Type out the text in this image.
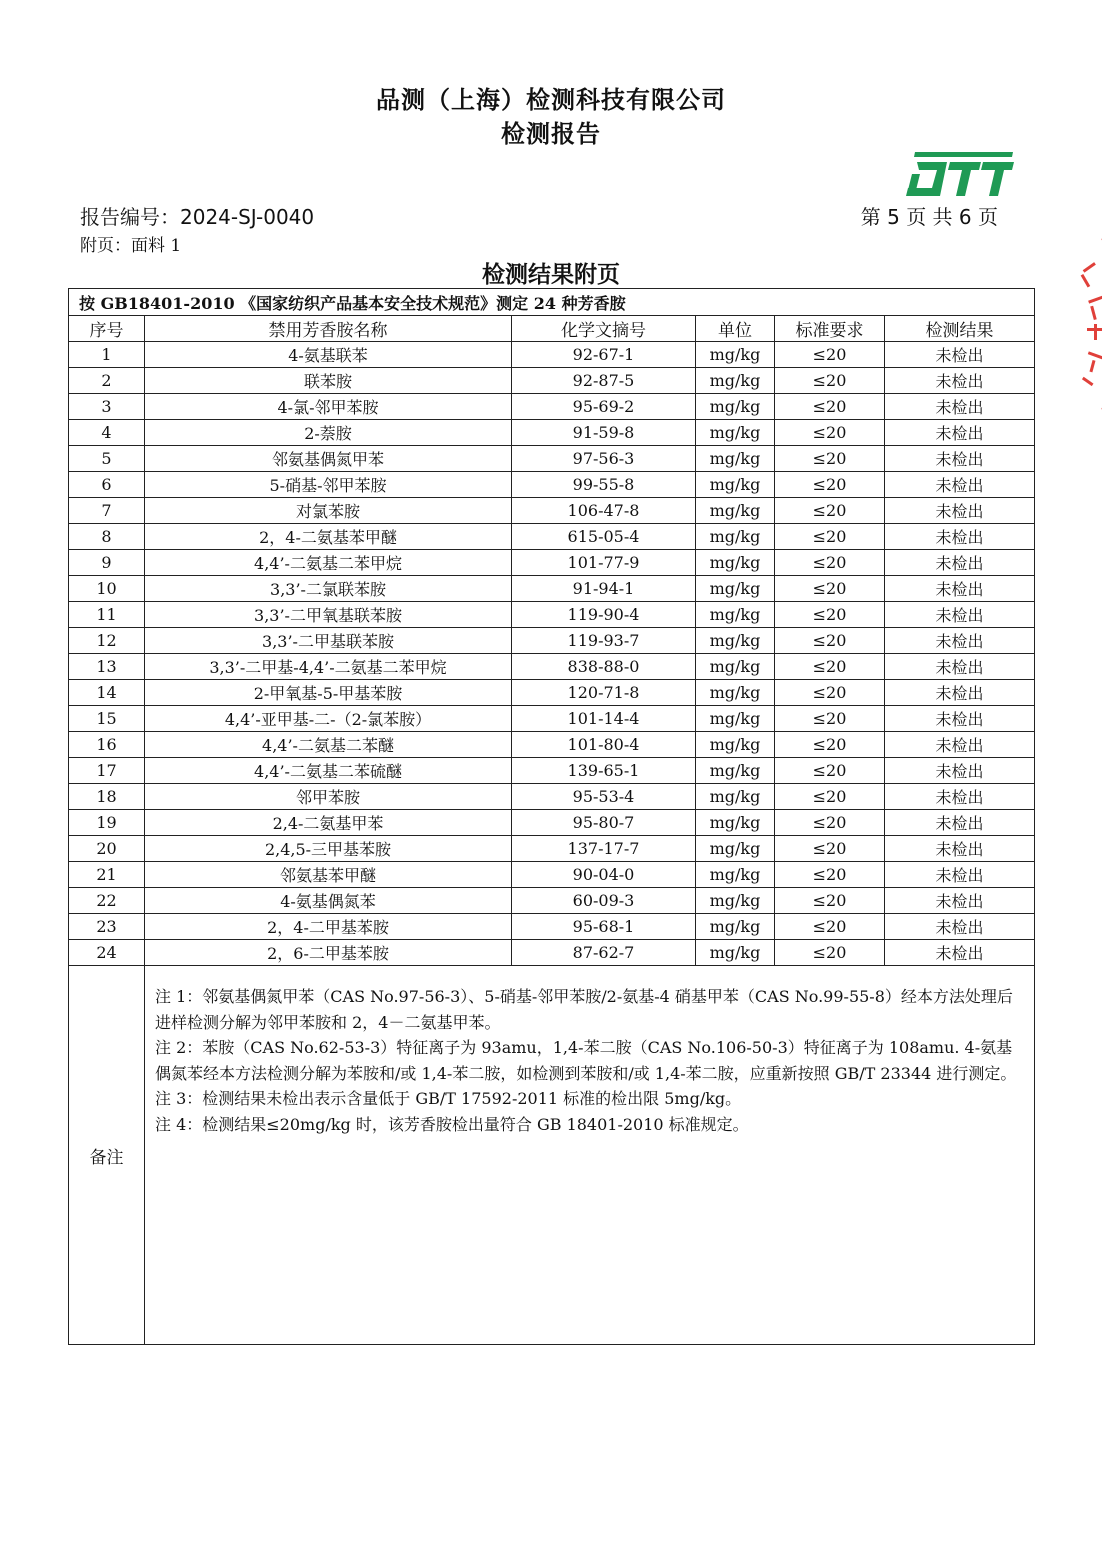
品测（上海）检测科技有限公司
检测报告
报告编号：2024-SJ-0040	第 5 页 共 6 页
附页：面料 1
检测结果附页
按 GB18401-2010 《国家纺织产品基本安全技术规范》测定 24 种芳香胺					
序号	禁用芳香胺名称	化学文摘号	单位	标准要求	检测结果
1	4-氨基联苯	92-67-1	mg/kg	≤20	未检出
2	联苯胺	92-87-5	mg/kg	≤20	未检出
3	4-氯-邻甲苯胺	95-69-2	mg/kg	≤20	未检出
4	2-萘胺	91-59-8	mg/kg	≤20	未检出
5	邻氨基偶氮甲苯	97-56-3	mg/kg	≤20	未检出
6	5-硝基-邻甲苯胺	99-55-8	mg/kg	≤20	未检出
7	对氯苯胺	106-47-8	mg/kg	≤20	未检出
8	2，4-二氨基苯甲醚	615-05-4	mg/kg	≤20	未检出
9	4,4’-二氨基二苯甲烷	101-77-9	mg/kg	≤20	未检出
10	3,3’-二氯联苯胺	91-94-1	mg/kg	≤20	未检出
11	3,3’-二甲氧基联苯胺	119-90-4	mg/kg	≤20	未检出
12	3,3’-二甲基联苯胺	119-93-7	mg/kg	≤20	未检出
13	3,3’-二甲基-4,4’-二氨基二苯甲烷	838-88-0	mg/kg	≤20	未检出
14	2-甲氧基-5-甲基苯胺	120-71-8	mg/kg	≤20	未检出
15	4,4’-亚甲基-二-（2-氯苯胺）	101-14-4	mg/kg	≤20	未检出
16	4,4’-二氨基二苯醚	101-80-4	mg/kg	≤20	未检出
17	4,4’-二氨基二苯硫醚	139-65-1	mg/kg	≤20	未检出
18	邻甲苯胺	95-53-4	mg/kg	≤20	未检出
19	2,4-二氨基甲苯	95-80-7	mg/kg	≤20	未检出
20	2,4,5-三甲基苯胺	137-17-7	mg/kg	≤20	未检出
21	邻氨基苯甲醚	90-04-0	mg/kg	≤20	未检出
22	4-氨基偶氮苯	60-09-3	mg/kg	≤20	未检出
23	2，4-二甲基苯胺	95-68-1	mg/kg	≤20	未检出
24	2，6-二甲基苯胺	87-62-7	mg/kg	≤20	未检出
备注	注 1：邻氨基偶氮甲苯（CAS No.97-56-3）、5-硝基-邻甲苯胺/2-氨基-4 硝基甲苯（CAS No.99-55-8）经本方法处理后进样检测分解为邻甲苯胺和 2，4－二氨基甲苯。

注 2：苯胺（CAS No.62-53-3）特征离子为 93amu，1,4-苯二胺（CAS No.106-50-3）特征离子为 108amu. 4-氨基偶氮苯经本方法检测分解为苯胺和/或 1,4-苯二胺，如检测到苯胺和/或 1,4-苯二胺，应重新按照 GB/T 23344 进行测定。

注 3：检测结果未检出表示含量低于 GB/T 17592-2011 标准的检出限 5mg/kg。

注 4：检测结果≤20mg/kg 时，该芳香胺检出量符合 GB 18401-2010 标准规定。				
